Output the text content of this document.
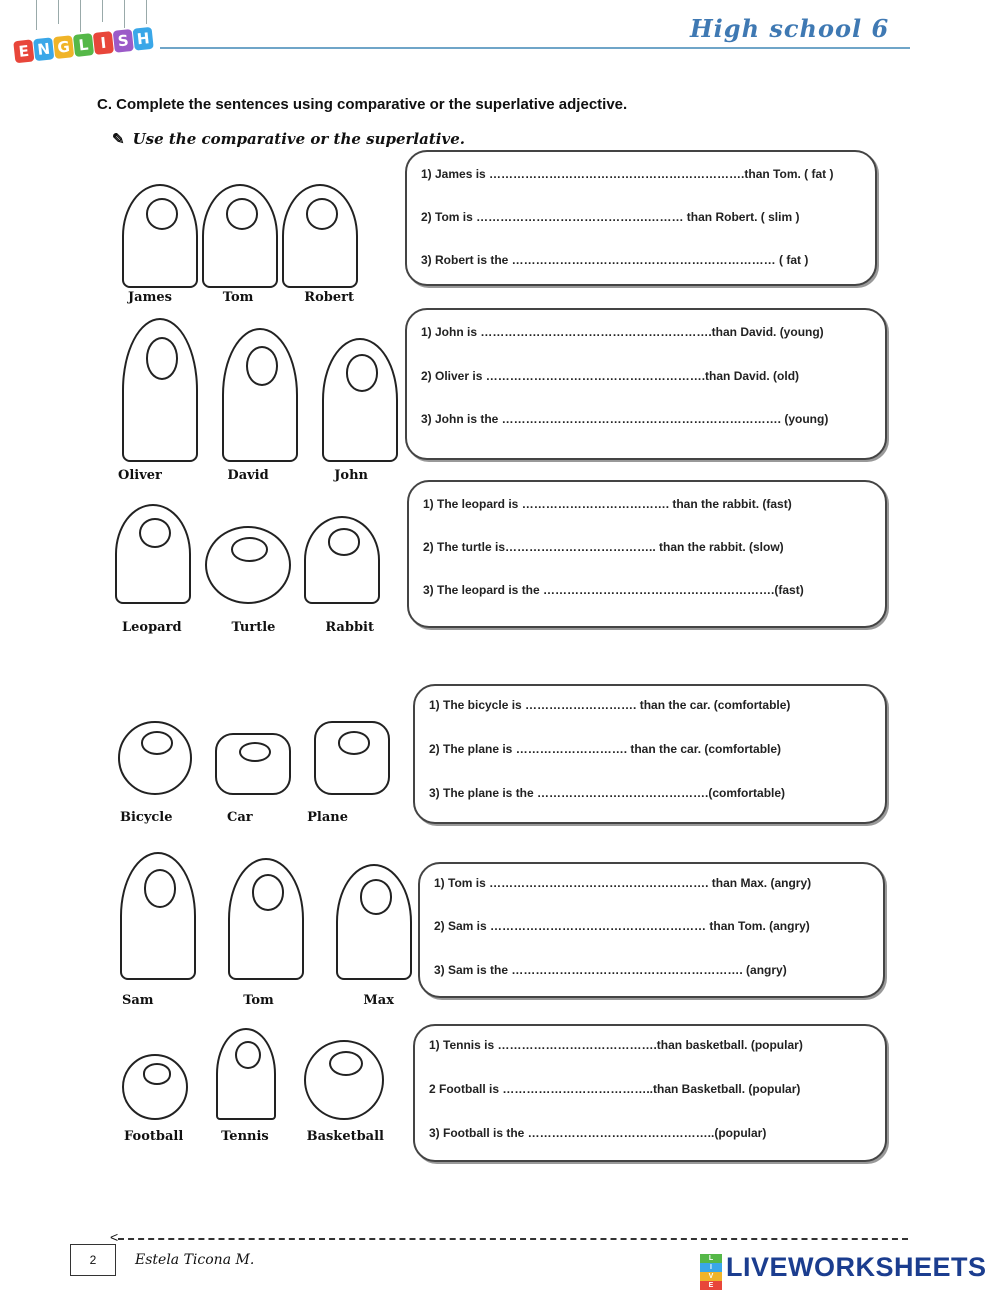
E N G L I S H	High school 6
C. Complete the sentences using comparative or the superlative adjective.
✎ Use the comparative or the superlative.
James	Tom	Robert
1) James is ……………………………………………………….than Tom. ( fat )
2) Tom is …………………………………….……… than Robert. ( slim )
3) Robert is the ………………………………………………………… ( fat )
Oliver	David	John
1) John is ………………………………………………….than David. (young)
2) Oliver is ……………………………………………….than David. (old)
3) John is the ……………………………………………………………. (young)
Leopard	Turtle	Rabbit
1) The leopard is ………………………………. than the rabbit. (fast)
2) The turtle is……………………………….. than the rabbit. (slow)
3) The leopard is the ………………………………………………….(fast)
Bicycle	Car	Plane
1) The bicycle is ………………………. than the car. (comfortable)
2) The plane is ………………………. than the car. (comfortable)
3) The plane is the …………………………………….(comfortable)
Sam	Tom	Max
1) Tom is ………………………………………………. than Max. (angry)
2) Sam is ……………………………………………… than Tom. (angry)
3) Sam is the …………………………………………………. (angry)
Football	Tennis	Basketball
1) Tennis is ………………………………….than basketball. (popular)
2 Football is ………………………………..than Basketball. (popular)
3) Football is the ………………………………………..(popular)
<
2	Estela Ticona M.	L
I
V
E
LIVEWORKSHEETS
